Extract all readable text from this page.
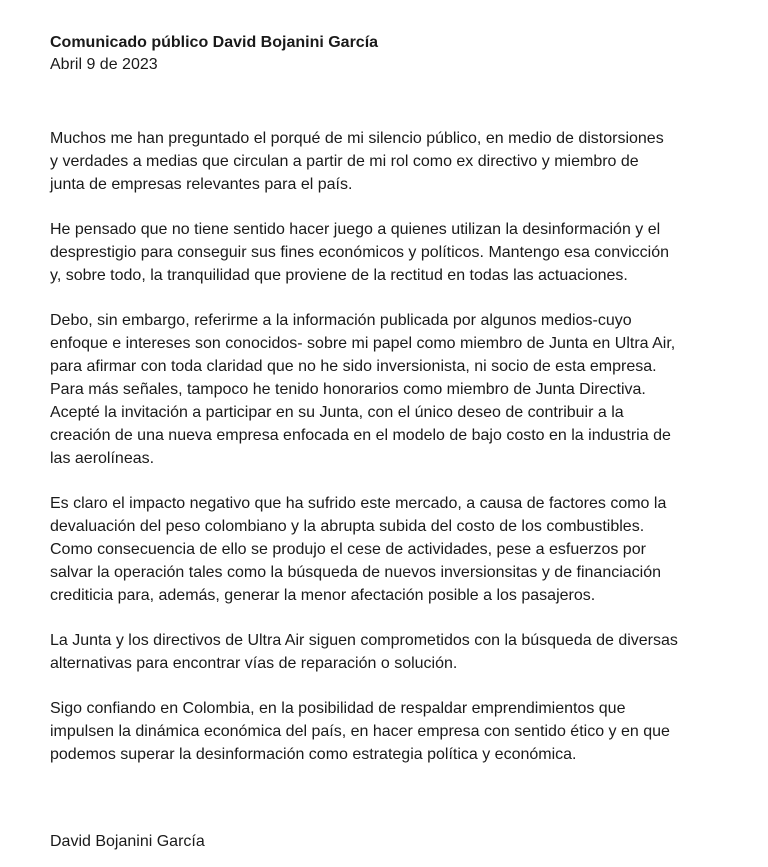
Comunicado público David Bojanini García

Abril 9 de 2023

Muchos me han preguntado el porqué de mi silencio público, en medio de distorsiones
y verdades a medias que circulan a partir de mi rol como ex directivo y miembro de
junta de empresas relevantes para el país.

He pensado que no tiene sentido hacer juego a quienes utilizan la desinformación y el
desprestigio para conseguir sus fines económicos y políticos. Mantengo esa convicción
y, sobre todo, la tranquilidad que proviene de la rectitud en todas las actuaciones.

Debo, sin embargo, referirme a la información publicada por algunos medios-cuyo
enfoque e intereses son conocidos- sobre mi papel como miembro de Junta en Ultra Air,
para afirmar con toda claridad que no he sido inversionista, ni socio de esta empresa.
Para más señales, tampoco he tenido honorarios como miembro de Junta Directiva.
Acepté la invitación a participar en su Junta, con el único deseo de contribuir a la
creación de una nueva empresa enfocada en el modelo de bajo costo en la industria de
las aerolíneas.

Es claro el impacto negativo que ha sufrido este mercado, a causa de factores como la
devaluación del peso colombiano y la abrupta subida del costo de los combustibles.
Como consecuencia de ello se produjo el cese de actividades, pese a esfuerzos por
salvar la operación tales como la búsqueda de nuevos inversionsitas y de financiación
crediticia para, además, generar la menor afectación posible a los pasajeros.

La Junta y los directivos de Ultra Air siguen comprometidos con la búsqueda de diversas
alternativas para encontrar vías de reparación o solución.

Sigo confiando en Colombia, en la posibilidad de respaldar emprendimientos que
impulsen la dinámica económica del país, en hacer empresa con sentido ético y en que
podemos superar la desinformación como estrategia política y económica.

David Bojanini García
